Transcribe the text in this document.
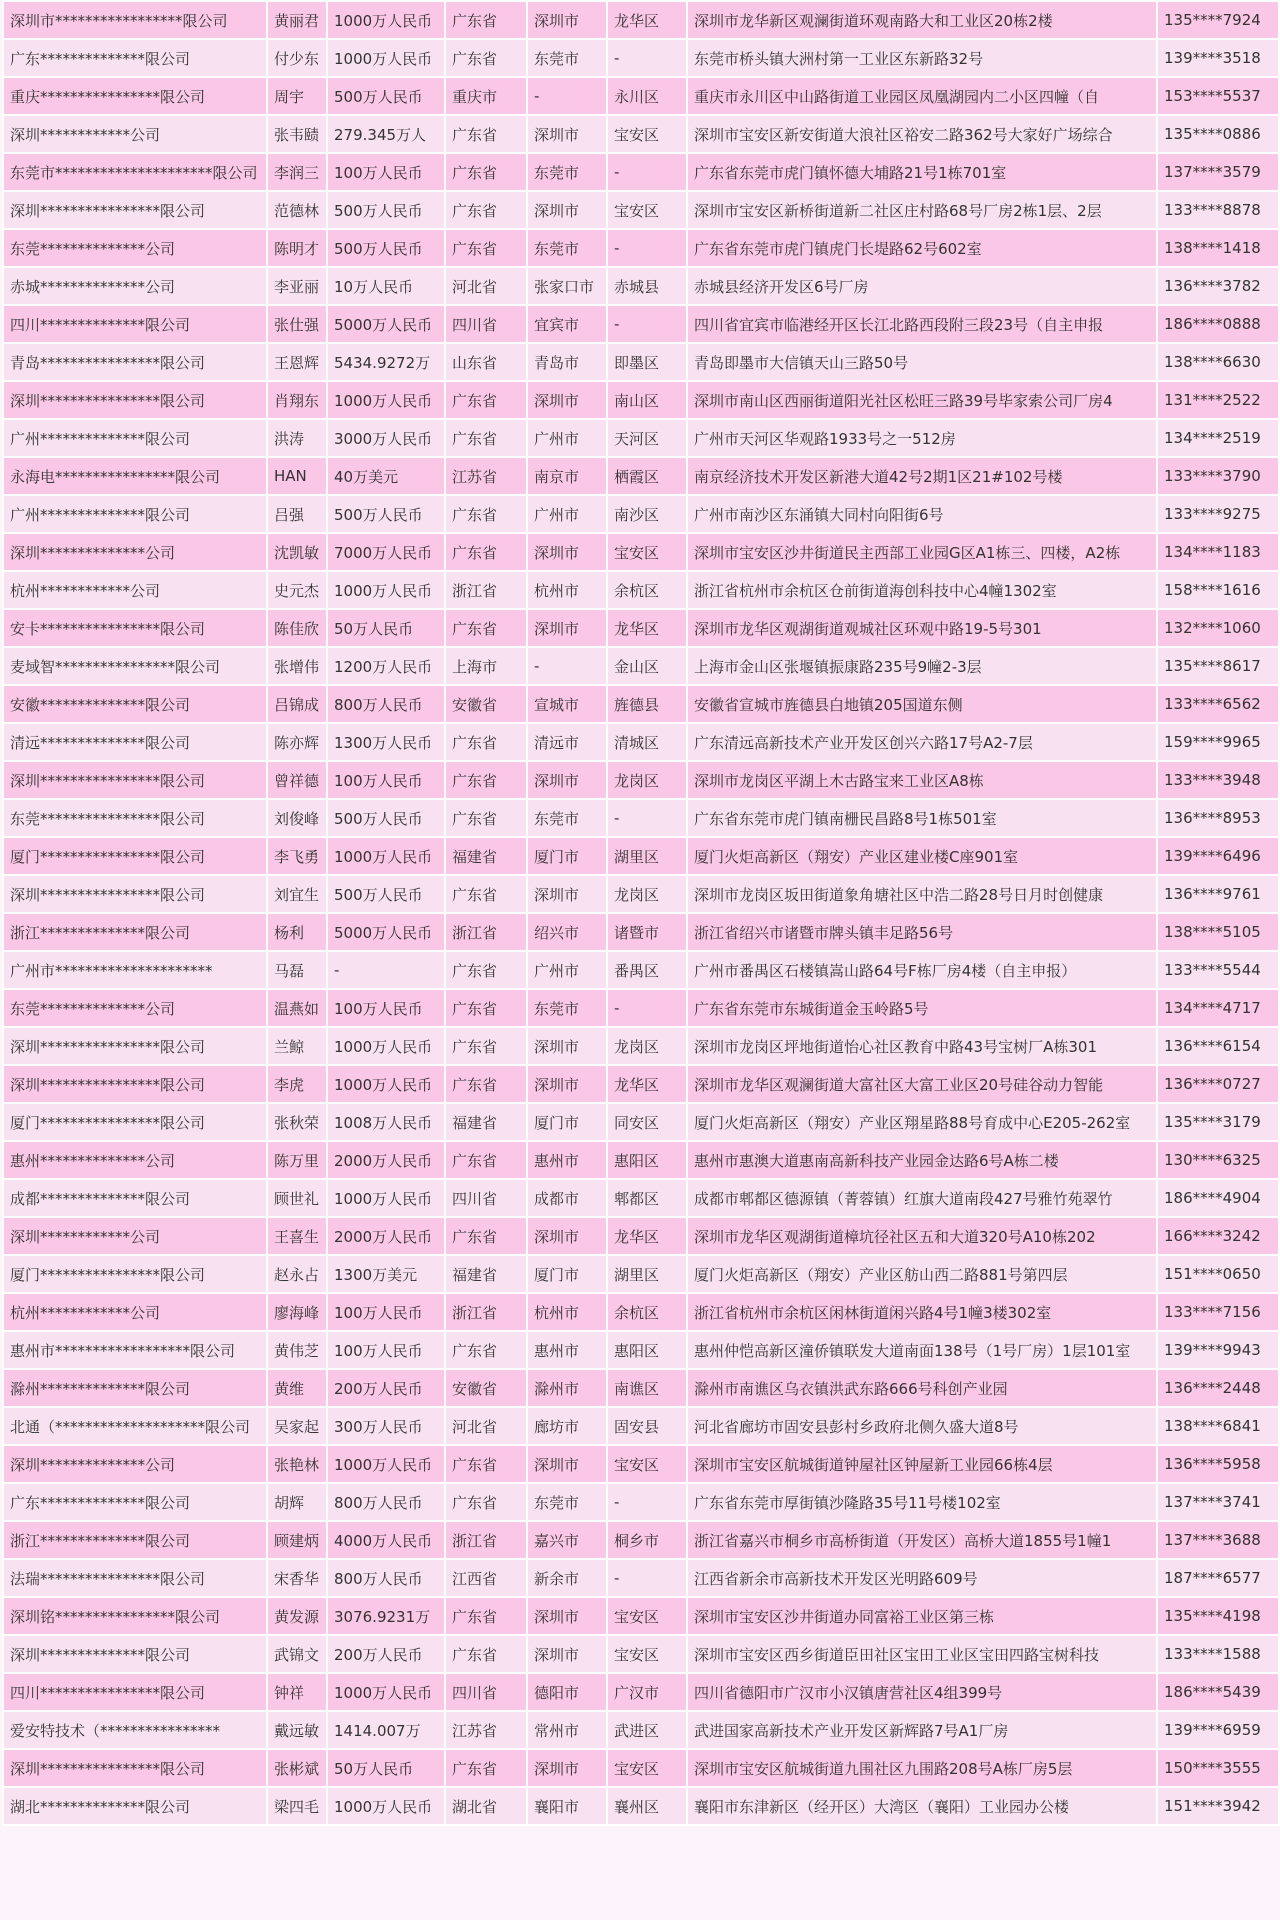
深圳市*****************限公司	黄丽君	1000万人民币	广东省	深圳市	龙华区	深圳市龙华新区观澜街道环观南路大和工业区20栋2楼	135****7924
广东**************限公司	付少东	1000万人民币	广东省	东莞市	-	东莞市桥头镇大洲村第一工业区东新路32号	139****3518
重庆****************限公司	周宇	500万人民币	重庆市	-	永川区	重庆市永川区中山路街道工业园区凤凰湖园内二小区四幢（自	153****5537
深圳************公司	张韦赜	279.345万人	广东省	深圳市	宝安区	深圳市宝安区新安街道大浪社区裕安二路362号大家好广场综合	135****0886
东莞市*********************限公司	李润三	100万人民币	广东省	东莞市	-	广东省东莞市虎门镇怀德大埔路21号1栋701室	137****3579
深圳****************限公司	范德林	500万人民币	广东省	深圳市	宝安区	深圳市宝安区新桥街道新二社区庄村路68号厂房2栋1层、2层	133****8878
东莞**************公司	陈明才	500万人民币	广东省	东莞市	-	广东省东莞市虎门镇虎门长堤路62号602室	138****1418
赤城**************公司	李亚丽	10万人民币	河北省	张家口市	赤城县	赤城县经济开发区6号厂房	136****3782
四川**************限公司	张仕强	5000万人民币	四川省	宜宾市	-	四川省宜宾市临港经开区长江北路西段附三段23号（自主申报	186****0888
青岛****************限公司	王恩辉	5434.9272万	山东省	青岛市	即墨区	青岛即墨市大信镇天山三路50号	138****6630
深圳****************限公司	肖翔东	1000万人民币	广东省	深圳市	南山区	深圳市南山区西丽街道阳光社区松旺三路39号毕家索公司厂房4	131****2522
广州**************限公司	洪涛	3000万人民币	广东省	广州市	天河区	广州市天河区华观路1933号之一512房	134****2519
永海电****************限公司	HAN	40万美元	江苏省	南京市	栖霞区	南京经济技术开发区新港大道42号2期1区21#102号楼	133****3790
广州**************限公司	吕强	500万人民币	广东省	广州市	南沙区	广州市南沙区东涌镇大同村向阳街6号	133****9275
深圳**************公司	沈凯敏	7000万人民币	广东省	深圳市	宝安区	深圳市宝安区沙井街道民主西部工业园G区A1栋三、四楼，A2栋	134****1183
杭州************公司	史元杰	1000万人民币	浙江省	杭州市	余杭区	浙江省杭州市余杭区仓前街道海创科技中心4幢1302室	158****1616
安卡****************限公司	陈佳欣	50万人民币	广东省	深圳市	龙华区	深圳市龙华区观湖街道观城社区环观中路19-5号301	132****1060
麦域智****************限公司	张增伟	1200万人民币	上海市	-	金山区	上海市金山区张堰镇振康路235号9幢2-3层	135****8617
安徽**************限公司	吕锦成	800万人民币	安徽省	宣城市	旌德县	安徽省宣城市旌德县白地镇205国道东侧	133****6562
清远**************限公司	陈亦辉	1300万人民币	广东省	清远市	清城区	广东清远高新技术产业开发区创兴六路17号A2-7层	159****9965
深圳****************限公司	曾祥德	100万人民币	广东省	深圳市	龙岗区	深圳市龙岗区平湖上木古路宝来工业区A8栋	133****3948
东莞****************限公司	刘俊峰	500万人民币	广东省	东莞市	-	广东省东莞市虎门镇南栅民昌路8号1栋501室	136****8953
厦门****************限公司	李飞勇	1000万人民币	福建省	厦门市	湖里区	厦门火炬高新区（翔安）产业区建业楼C座901室	139****6496
深圳****************限公司	刘宜生	500万人民币	广东省	深圳市	龙岗区	深圳市龙岗区坂田街道象角塘社区中浩二路28号日月时创健康	136****9761
浙江**************限公司	杨利	5000万人民币	浙江省	绍兴市	诸暨市	浙江省绍兴市诸暨市牌头镇丰足路56号	138****5105
广州市*********************	马磊	-	广东省	广州市	番禺区	广州市番禺区石楼镇嵩山路64号F栋厂房4楼（自主申报）	133****5544
东莞**************公司	温燕如	100万人民币	广东省	东莞市	-	广东省东莞市东城街道金玉岭路5号	134****4717
深圳****************限公司	兰鲸	1000万人民币	广东省	深圳市	龙岗区	深圳市龙岗区坪地街道怡心社区教育中路43号宝树厂A栋301	136****6154
深圳****************限公司	李虎	1000万人民币	广东省	深圳市	龙华区	深圳市龙华区观澜街道大富社区大富工业区20号硅谷动力智能	136****0727
厦门****************限公司	张秋荣	1008万人民币	福建省	厦门市	同安区	厦门火炬高新区（翔安）产业区翔星路88号育成中心E205-262室	135****3179
惠州**************公司	陈万里	2000万人民币	广东省	惠州市	惠阳区	惠州市惠澳大道惠南高新科技产业园金达路6号A栋二楼	130****6325
成都**************限公司	顾世礼	1000万人民币	四川省	成都市	郫都区	成都市郫都区德源镇（菁蓉镇）红旗大道南段427号雅竹苑翠竹	186****4904
深圳************公司	王喜生	2000万人民币	广东省	深圳市	龙华区	深圳市龙华区观湖街道樟坑径社区五和大道320号A10栋202	166****3242
厦门****************限公司	赵永占	1300万美元	福建省	厦门市	湖里区	厦门火炬高新区（翔安）产业区舫山西二路881号第四层	151****0650
杭州************公司	廖海峰	100万人民币	浙江省	杭州市	余杭区	浙江省杭州市余杭区闲林街道闲兴路4号1幢3楼302室	133****7156
惠州市******************限公司	黄伟芝	100万人民币	广东省	惠州市	惠阳区	惠州仲恺高新区潼侨镇联发大道南面138号（1号厂房）1层101室	139****9943
滁州**************限公司	黄维	200万人民币	安徽省	滁州市	南谯区	滁州市南谯区乌衣镇洪武东路666号科创产业园	136****2448
北通（********************限公司	吴家起	300万人民币	河北省	廊坊市	固安县	河北省廊坊市固安县彭村乡政府北侧久盛大道8号	138****6841
深圳**************公司	张艳林	1000万人民币	广东省	深圳市	宝安区	深圳市宝安区航城街道钟屋社区钟屋新工业园66栋4层	136****5958
广东**************限公司	胡辉	800万人民币	广东省	东莞市	-	广东省东莞市厚街镇沙隆路35号11号楼102室	137****3741
浙江**************限公司	顾建炳	4000万人民币	浙江省	嘉兴市	桐乡市	浙江省嘉兴市桐乡市高桥街道（开发区）高桥大道1855号1幢1	137****3688
法瑞****************限公司	宋香华	800万人民币	江西省	新余市	-	江西省新余市高新技术开发区光明路609号	187****6577
深圳铭****************限公司	黄发源	3076.9231万	广东省	深圳市	宝安区	深圳市宝安区沙井街道办同富裕工业区第三栋	135****4198
深圳**************限公司	武锦文	200万人民币	广东省	深圳市	宝安区	深圳市宝安区西乡街道臣田社区宝田工业区宝田四路宝树科技	133****1588
四川****************限公司	钟祥	1000万人民币	四川省	德阳市	广汉市	四川省德阳市广汉市小汉镇唐营社区4组399号	186****5439
爱安特技术（****************	戴远敏	1414.007万	江苏省	常州市	武进区	武进国家高新技术产业开发区新辉路7号A1厂房	139****6959
深圳****************限公司	张彬斌	50万人民币	广东省	深圳市	宝安区	深圳市宝安区航城街道九围社区九围路208号A栋厂房5层	150****3555
湖北**************限公司	梁四毛	1000万人民币	湖北省	襄阳市	襄州区	襄阳市东津新区（经开区）大湾区（襄阳）工业园办公楼	151****3942
